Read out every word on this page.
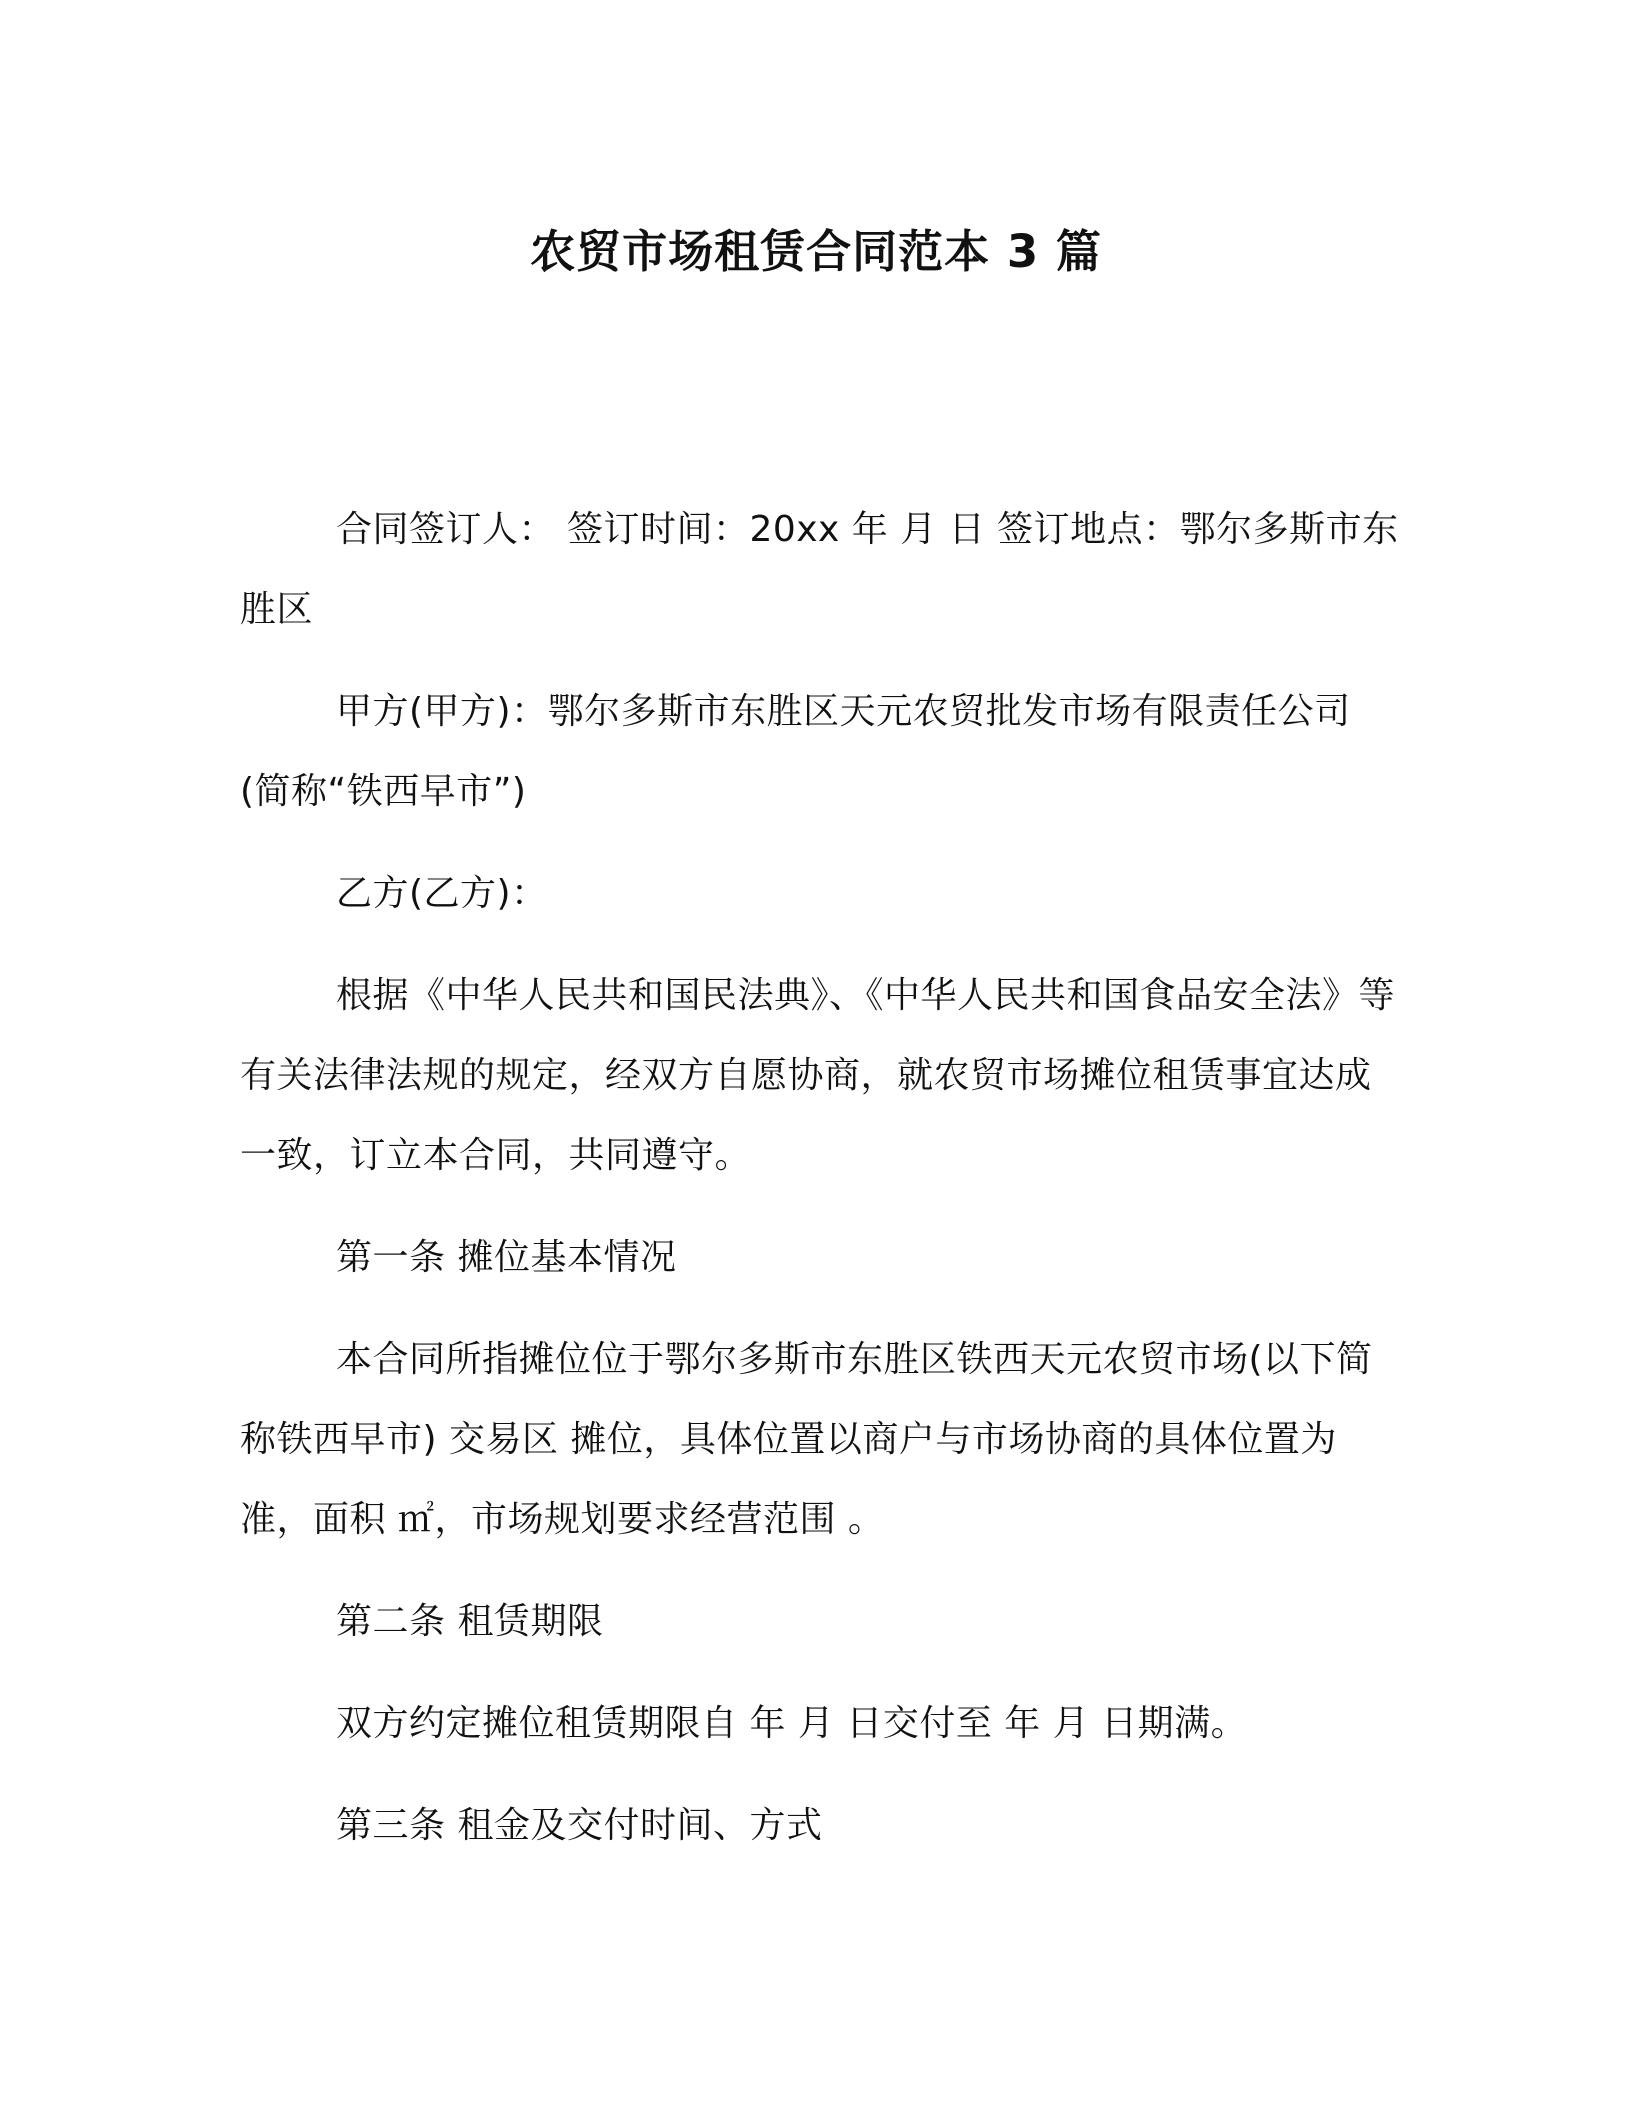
农贸市场租赁合同范本 3 篇

合同签订人： 签订时间：20xx 年 月 日 签订地点：鄂尔多斯市东胜区

甲方(甲方)：鄂尔多斯市东胜区天元农贸批发市场有限责任公司(简称“铁西早市”)

乙方(乙方)：

根据《中华人民共和国民法典》、《中华人民共和国食品安全法》等有关法律法规的规定，经双方自愿协商，就农贸市场摊位租赁事宜达成一致，订立本合同，共同遵守。

第一条 摊位基本情况

本合同所指摊位位于鄂尔多斯市东胜区铁西天元农贸市场(以下简称铁西早市) 交易区 摊位，具体位置以商户与市场协商的具体位置为准，面积 ㎡，市场规划要求经营范围 。

第二条 租赁期限

双方约定摊位租赁期限自 年 月 日交付至 年 月 日期满。

第三条 租金及交付时间、方式
